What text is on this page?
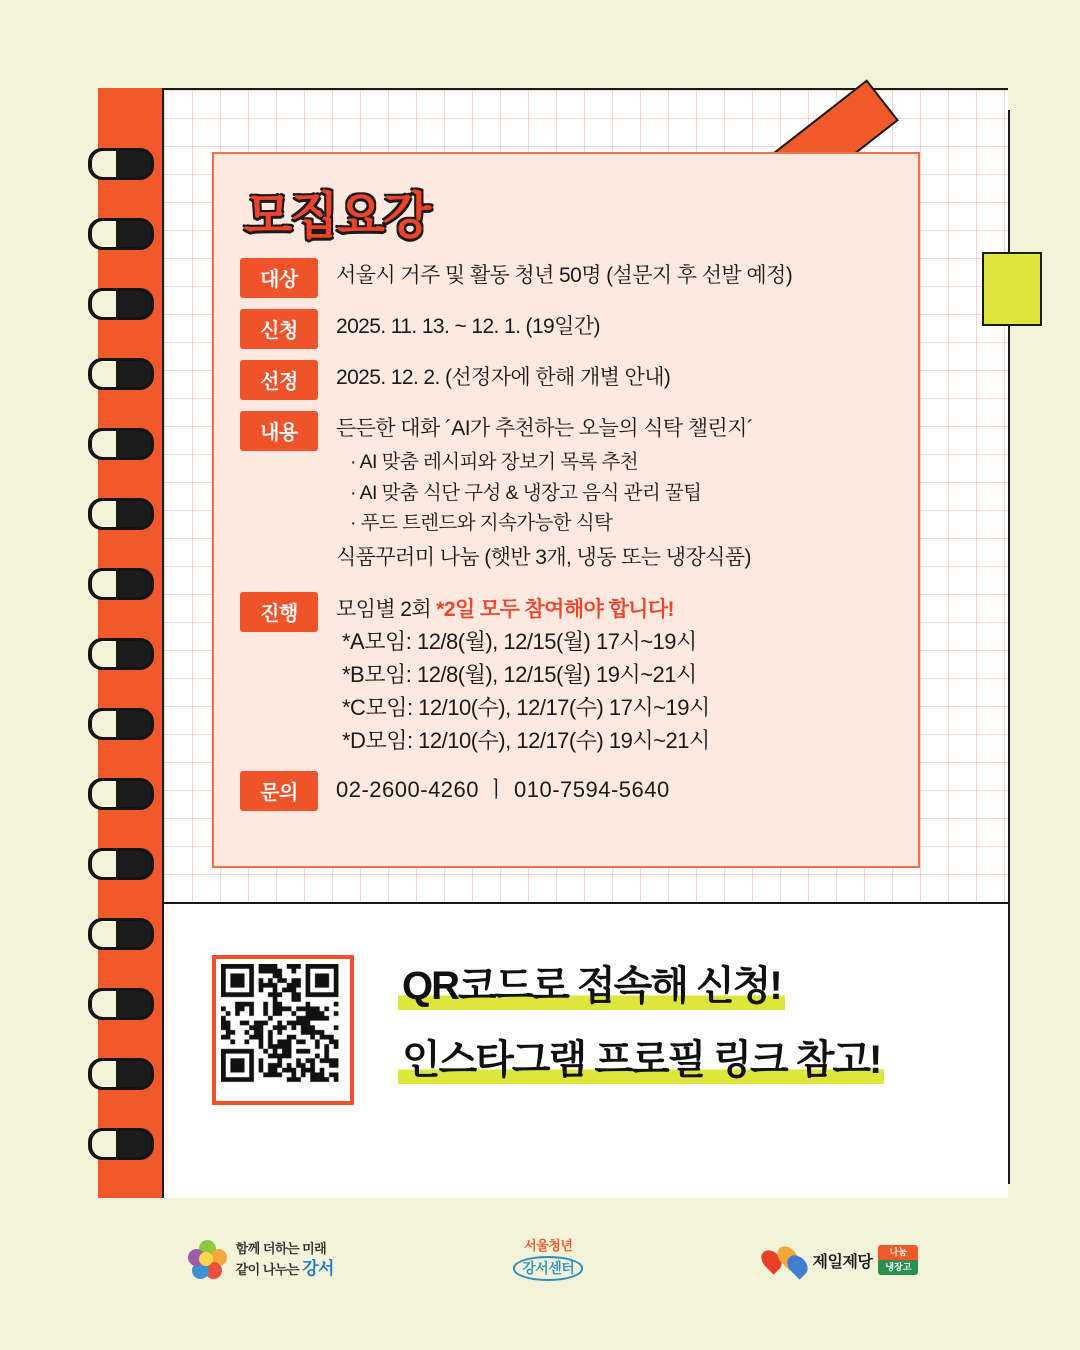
모집요강
대상	서울시 거주 및 활동 청년 50명 (설문지 후 선발 예정)
신청	2025. 11. 13. ~ 12. 1. (19일간)
선정	2025. 12. 2. (선정자에 한해 개별 안내)
내용	든든한 대화 ´AI가 추천하는 오늘의 식탁 챌린지´
· AI 맞춤 레시피와 장보기 목록 추천
· AI 맞춤 식단 구성 & 냉장고 음식 관리 꿀팁
· 푸드 트렌드와 지속가능한 식탁
식품꾸러미 나눔 (햇반 3개, 냉동 또는 냉장식품)
진행	모임별 2회 *2일 모두 참여해야 합니다!
*A모임: 12/8(월), 12/15(월) 17시~19시
*B모임: 12/8(월), 12/15(월) 19시~21시
*C모임: 12/10(수), 12/17(수) 17시~19시
*D모임: 12/10(수), 12/17(수) 19시~21시
문의	02-2600-4260 ㅣ 010-7594-5640
QR코드로 접속해 신청!
인스타그램 프로필 링크 참고!
함께 더하는 미래
같이 나누는 강서
서울청년
강서센터	제일제당
나눔
냉장고
